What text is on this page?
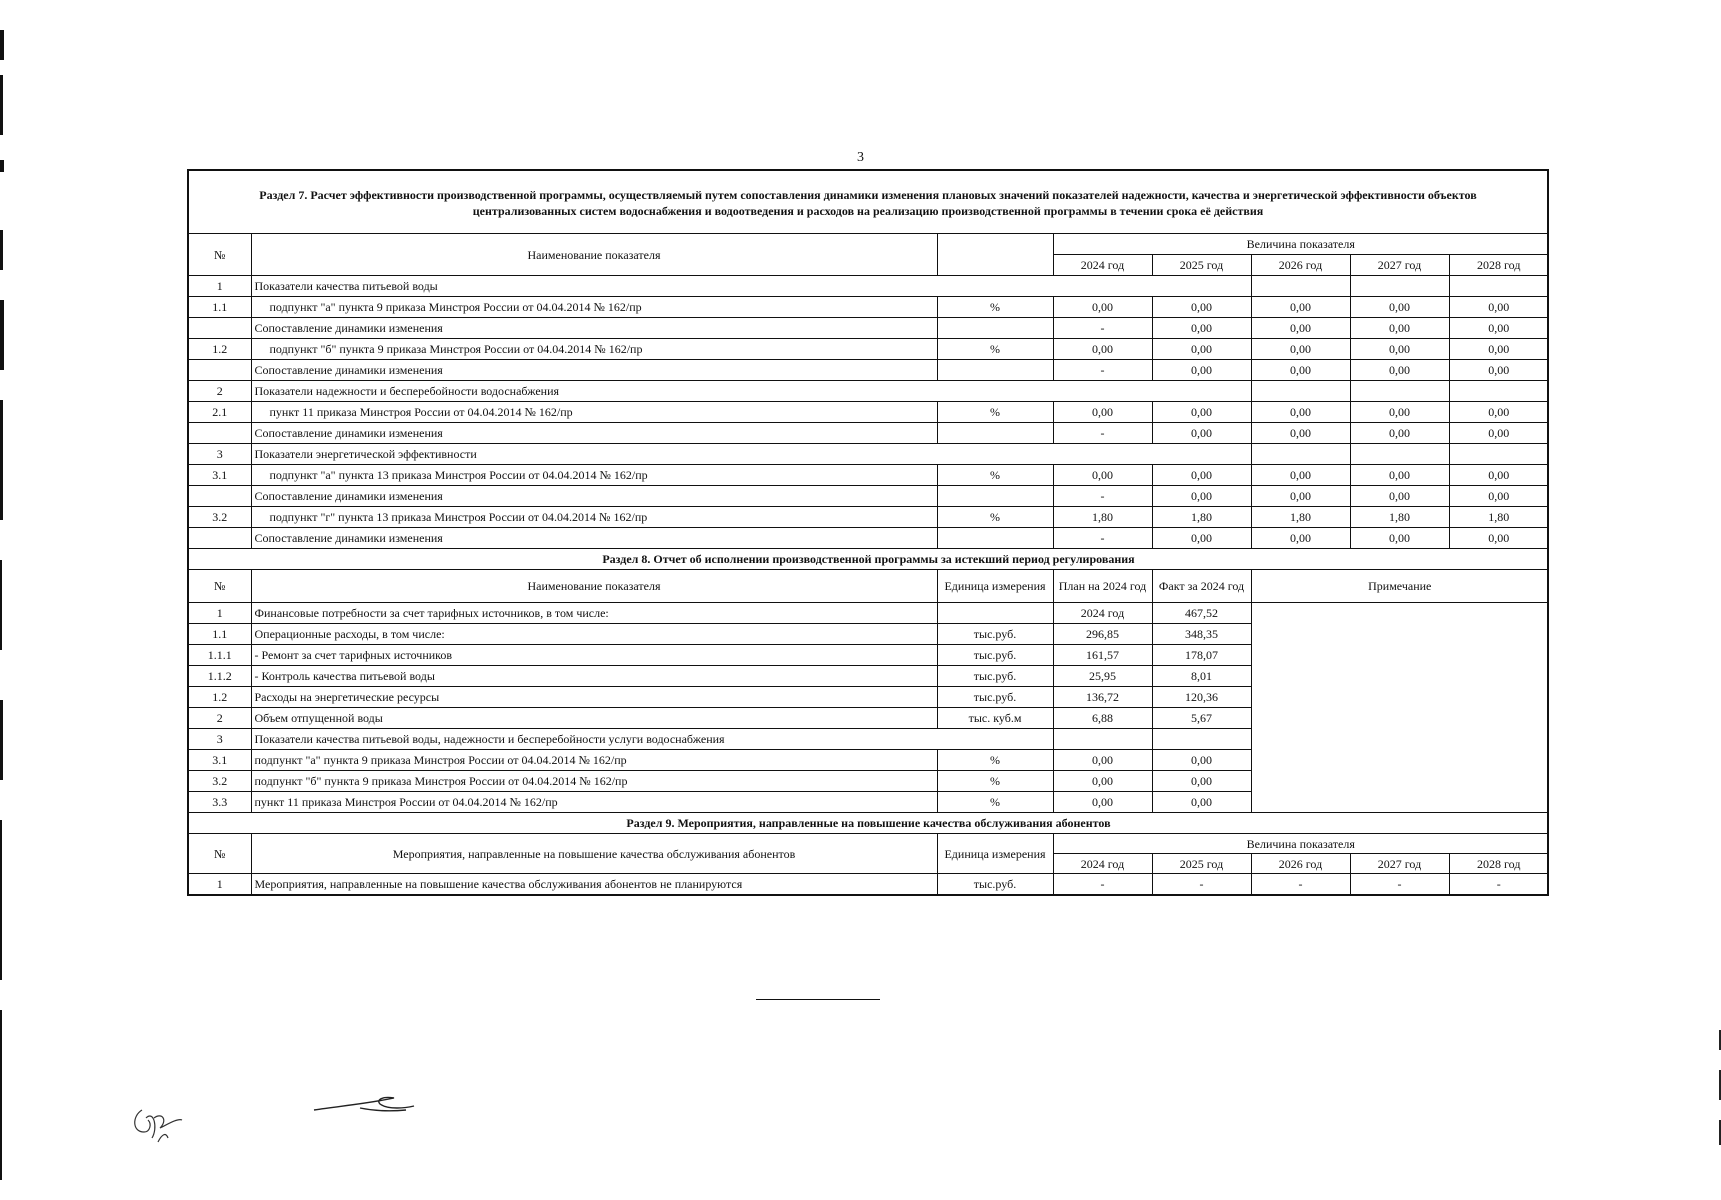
3
Раздел 7. Расчет эффективности производственной программы, осуществляемый путем сопоставления динамики изменения плановых значений показателей надежности, качества и энергетической эффективности объектов централизованных систем водоснабжения и водоотведения и расходов на реализацию производственной программы в течении срока её действия
№	Наименование показателя		Величина показателя					
			2024 год	2025 год	2026 год	2027 год	2028 год	
1	Показатели качества питьевой воды							
1.1	подпункт "а" пункта 9 приказа Минстроя России от 04.04.2014 № 162/пр	%	0,00	0,00	0,00	0,00	0,00	
	Сопоставление динамики изменения		-	0,00	0,00	0,00	0,00	
1.2	подпункт "б" пункта 9 приказа Минстроя России от 04.04.2014 № 162/пр	%	0,00	0,00	0,00	0,00	0,00	
	Сопоставление динамики изменения		-	0,00	0,00	0,00	0,00	
2	Показатели надежности и бесперебойности водоснабжения							
2.1	пункт 11 приказа Минстроя России от 04.04.2014 № 162/пр	%	0,00	0,00	0,00	0,00	0,00	
	Сопоставление динамики изменения		-	0,00	0,00	0,00	0,00	
3	Показатели энергетической эффективности							
3.1	подпункт "а" пункта 13 приказа Минстроя России от 04.04.2014 № 162/пр	%	0,00	0,00	0,00	0,00	0,00	
	Сопоставление динамики изменения		-	0,00	0,00	0,00	0,00	
3.2	подпункт "г" пункта 13 приказа Минстроя России от 04.04.2014 № 162/пр	%	1,80	1,80	1,80	1,80	1,80	
	Сопоставление динамики изменения		-	0,00	0,00	0,00	0,00	
Раздел 8. Отчет об исполнении производственной программы за истекший период регулирования								
№	Наименование показателя	Единица измерения	План на 2024 год	Факт за 2024 год	Примечание			
1	Финансовые потребности за счет тарифных источников, в том числе:		2024 год	467,52				
1.1	Операционные расходы, в том числе:	тыс.руб.	296,85	348,35				
1.1.1	- Ремонт за счет тарифных источников	тыс.руб.	161,57	178,07				
1.1.2	- Контроль качества питьевой воды	тыс.руб.	25,95	8,01				
1.2	Расходы на энергетические ресурсы	тыс.руб.	136,72	120,36				
2	Объем отпущенной воды	тыс. куб.м	6,88	5,67				
3	Показатели качества питьевой воды, надежности и бесперебойности услуги водоснабжения							
3.1	подпункт "а" пункта 9 приказа Минстроя России от 04.04.2014 № 162/пр	%	0,00	0,00				
3.2	подпункт "б" пункта 9 приказа Минстроя России от 04.04.2014 № 162/пр	%	0,00	0,00				
3.3	пункт 11 приказа Минстроя России от 04.04.2014 № 162/пр	%	0,00	0,00				
Раздел 9. Мероприятия, направленные на повышение качества обслуживания абонентов								
№	Мероприятия, направленные на повышение качества обслуживания абонентов	Единица измерения	Величина показателя					
			2024 год	2025 год	2026 год	2027 год	2028 год	
1	Мероприятия, направленные на повышение качества обслуживания абонентов не планируются	тыс.руб.	-	-	-	-	-	
